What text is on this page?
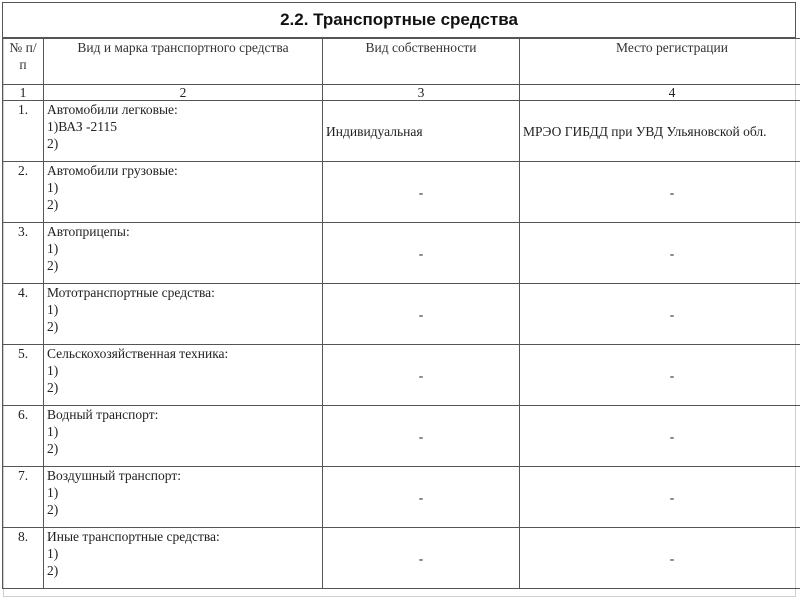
2.2. Транспортные средства
№ п/п	Вид и марка транспортного средства	Вид собственности	Место регистрации
1	2	3	4
1.	Автомобили легковые:
1)ВАЗ -2115
2)	Индивидуальная	МРЭО ГИБДД при УВД Ульяновской обл.
2.	Автомобили грузовые:
1)
2)	-	-
3.	Автоприцепы:
1)
2)	-	-
4.	Мототранспортные средства:
1)
2)	-	-
5.	Сельскохозяйственная техника:
1)
2)	-	-
6.	Водный транспорт:
1)
2)	-	-
7.	Воздушный транспорт:
1)
2)	-	-
8.	Иные транспортные средства:
1)
2)	-	-
